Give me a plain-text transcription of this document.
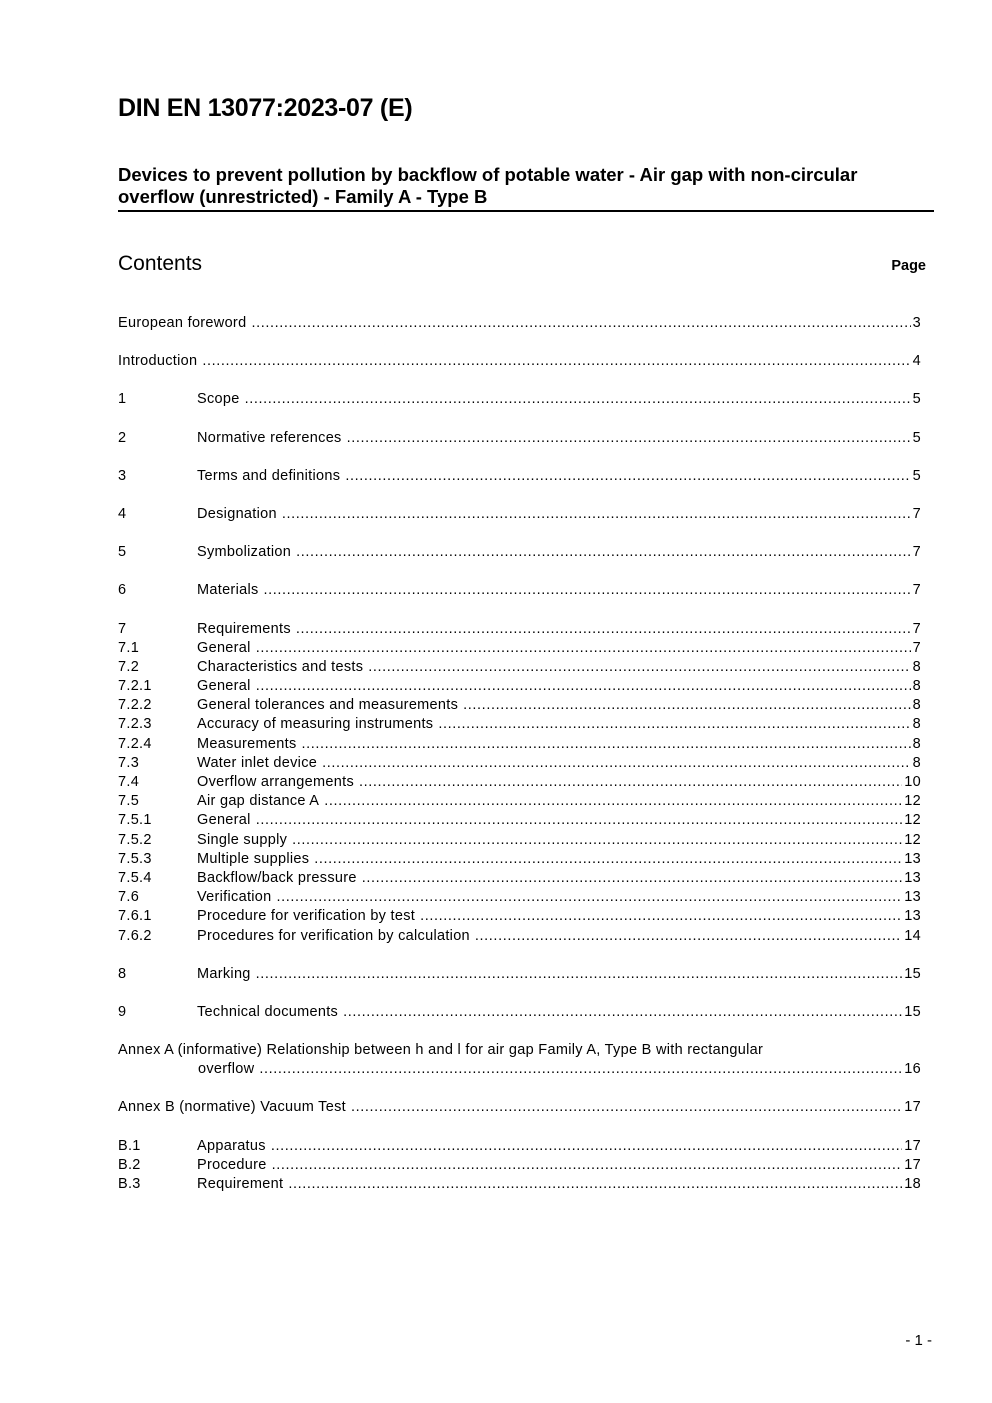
DIN EN 13077:2023-07 (E)
Devices to prevent pollution by backflow of potable water - Air gap with non-circular overflow (unrestricted) - Family A - Type B
Contents	Page
European foreword .....	3
Introduction .....	4
1	Scope .....	5
2	Normative references .....	5
3	Terms and definitions .....	5
4	Designation .....	7
5	Symbolization .....	7
6	Materials .....	7
7	Requirements .....	7
7.1	General .....	7
7.2	Characteristics and tests .....	8
7.2.1	General .....	8
7.2.2	General tolerances and measurements .....	8
7.2.3	Accuracy of measuring instruments .....	8
7.2.4	Measurements .....	8
7.3	Water inlet device .....	8
7.4	Overflow arrangements .....	10
7.5	Air gap distance A .....	12
7.5.1	General .....	12
7.5.2	Single supply .....	12
7.5.3	Multiple supplies .....	13
7.5.4	Backflow/back pressure .....	13
7.6	Verification .....	13
7.6.1	Procedure for verification by test .....	13
7.6.2	Procedures for verification by calculation .....	14
8	Marking .....	15
9	Technical documents .....	15
Annex A (informative) Relationship between h and l for air gap Family A, Type B with rectangular
overflow .....	16
Annex B (normative) Vacuum Test .....	17
B.1	Apparatus .....	17
B.2	Procedure .....	17
B.3	Requirement .....	18
- 1 -
